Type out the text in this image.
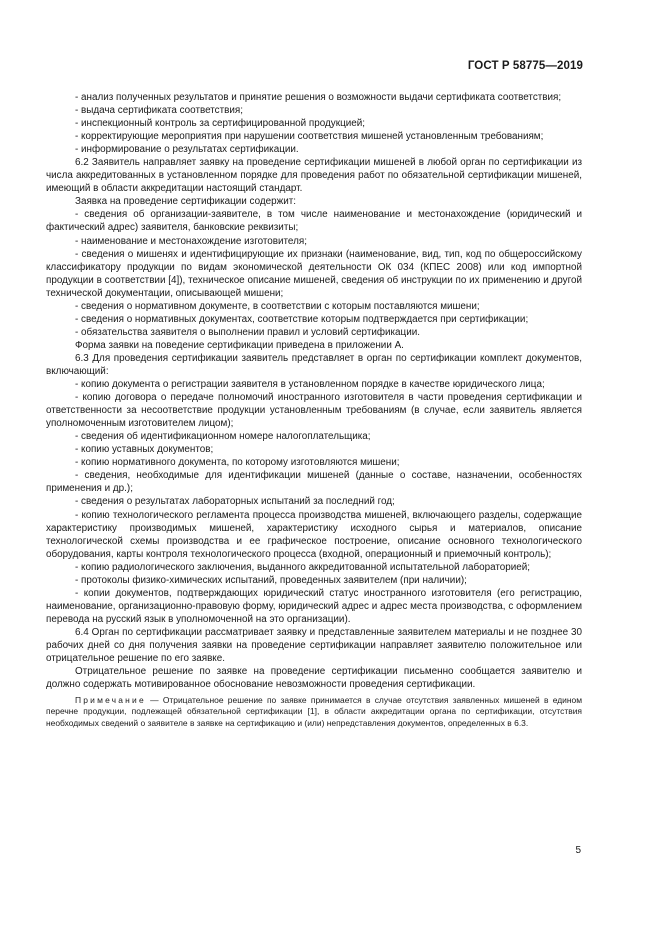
ГОСТ Р 58775—2019

- анализ полученных результатов и принятие решения о возможности выдачи сертификата соответствия;

- выдача сертификата соответствия;

- инспекционный контроль за сертифицированной продукцией;

- корректирующие мероприятия при нарушении соответствия мишеней установленным требованиям;

- информирование о результатах сертификации.

6.2 Заявитель направляет заявку на проведение сертификации мишеней в любой орган по сертификации из числа аккредитованных в установленном порядке для проведения работ по обязательной сертификации мишеней, имеющий в области аккредитации настоящий стандарт.

Заявка на проведение сертификации содержит:

- сведения об организации-заявителе, в том числе наименование и местонахождение (юридический и фактический адрес) заявителя, банковские реквизиты;

- наименование и местонахождение изготовителя;

- сведения о мишенях и идентифицирующие их признаки (наименование, вид, тип, код по общероссийскому классификатору продукции по видам экономической деятельности ОК 034 (КПЕС 2008) или код импортной продукции в соответствии [4]), техническое описание мишеней, сведения об инструкции по их применению и другой технической документации, описывающей мишени;

- сведения о нормативном документе, в соответствии с которым поставляются мишени;

- сведения о нормативных документах, соответствие которым подтверждается при сертификации;

- обязательства заявителя о выполнении правил и условий сертификации.

Форма заявки на поведение сертификации приведена в приложении А.

6.3 Для проведения сертификации заявитель представляет в орган по сертификации комплект документов, включающий:

- копию документа о регистрации заявителя в установленном порядке в качестве юридического лица;

- копию договора о передаче полномочий иностранного изготовителя в части проведения сертификации и ответственности за несоответствие продукции установленным требованиям (в случае, если заявитель является уполномоченным изготовителем лицом);

- сведения об идентификационном номере налогоплательщика;

- копию уставных документов;

- копию нормативного документа, по которому изготовляются мишени;

- сведения, необходимые для идентификации мишеней (данные о составе, назначении, особенностях применения и др.);

- сведения о результатах лабораторных испытаний за последний год;

- копию технологического регламента процесса производства мишеней, включающего разделы, содержащие характеристику производимых мишеней, характеристику исходного сырья и материалов, описание технологической схемы производства и ее графическое построение, описание основного технологического оборудования, карты контроля технологического процесса (входной, операционный и приемочный контроль);

- копию радиологического заключения, выданного аккредитованной испытательной лабораторией;

- протоколы физико-химических испытаний, проведенных заявителем (при наличии);

- копии документов, подтверждающих юридический статус иностранного изготовителя (его регистрацию, наименование, организационно-правовую форму, юридический адрес и адрес места производства, с оформлением перевода на русский язык в уполномоченной на это организации).

6.4 Орган по сертификации рассматривает заявку и представленные заявителем материалы и не позднее 30 рабочих дней со дня получения заявки на проведение сертификации направляет заявителю положительное или отрицательное решение по его заявке.

Отрицательное решение по заявке на проведение сертификации письменно сообщается заявителю и должно содержать мотивированное обоснование невозможности проведения сертификации.

Примечание — Отрицательное решение по заявке принимается в случае отсутствия заявленных мишеней в едином перечне продукции, подлежащей обязательной сертификации [1], в области аккредитации органа по сертификации, отсутствия необходимых сведений о заявителе в заявке на сертификацию и (или) непредставления документов, определенных в 6.3.

5
